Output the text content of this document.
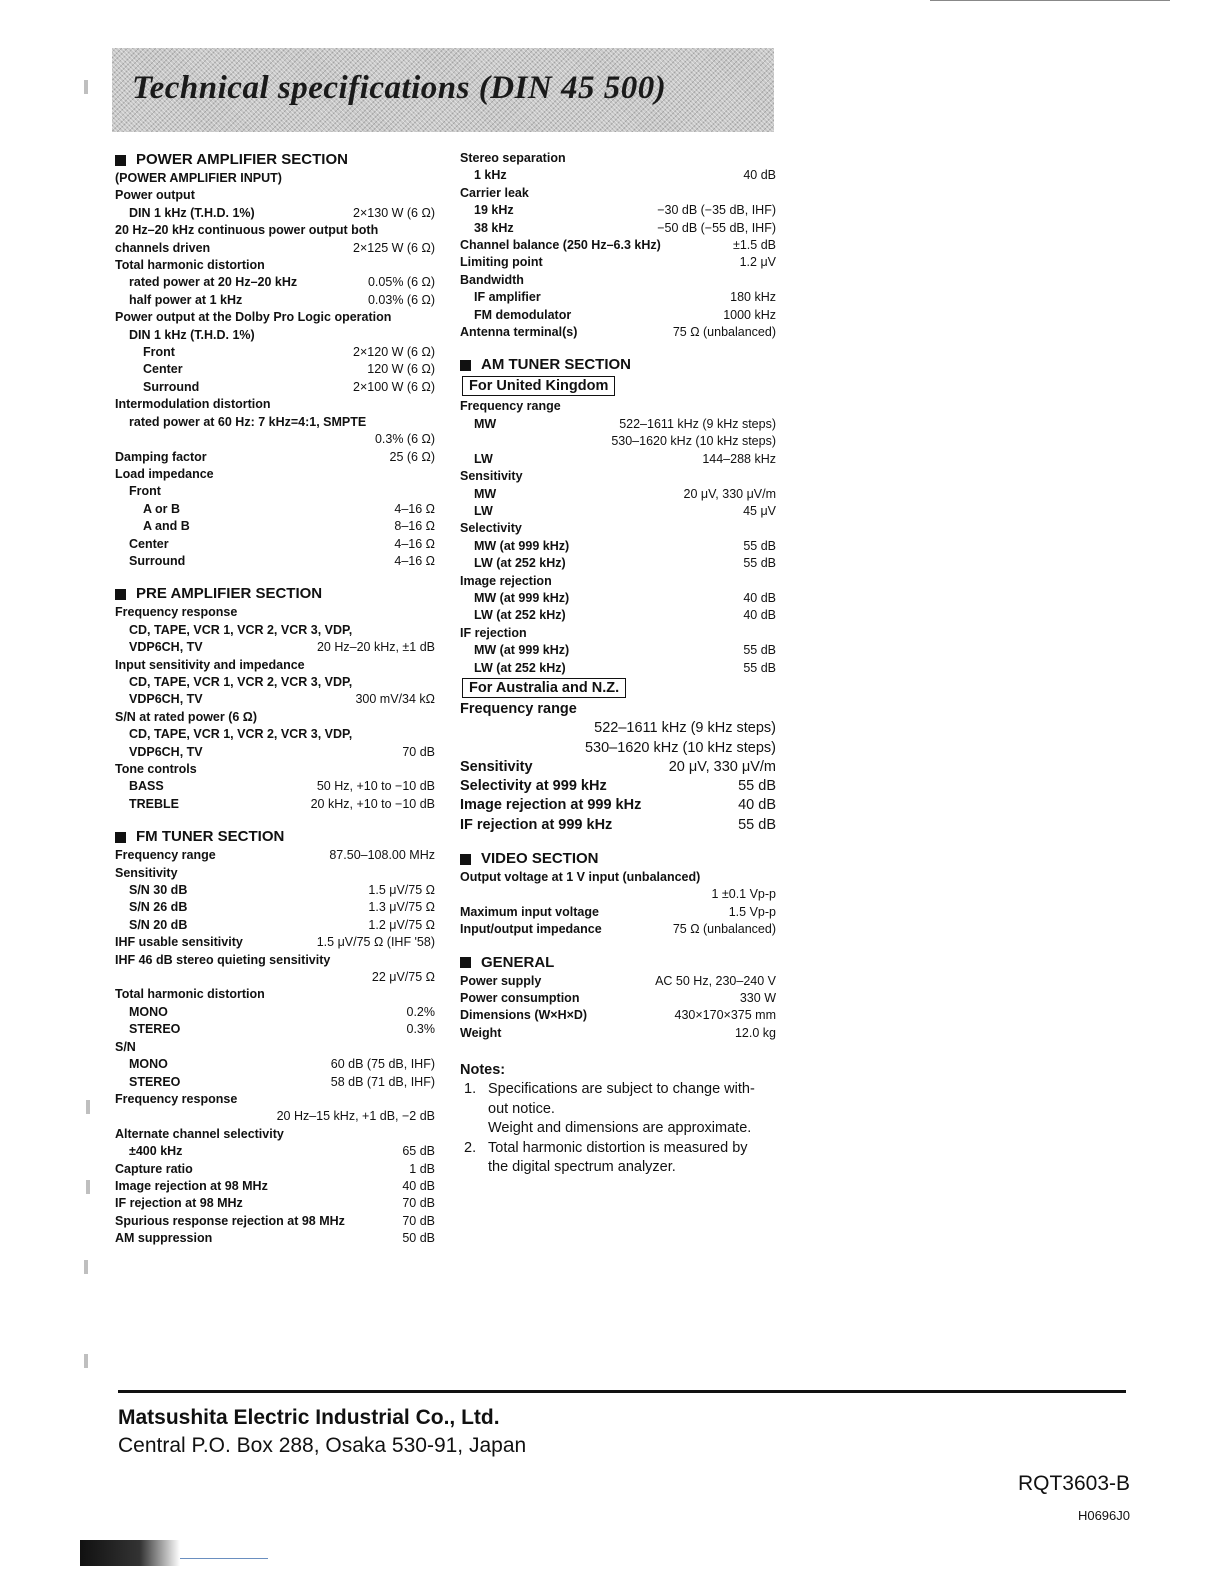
Technical specifications (DIN 45 500)
POWER AMPLIFIER SECTION
(POWER AMPLIFIER INPUT)
Power output
DIN 1 kHz (T.H.D. 1%)	2×130 W (6 Ω)
20 Hz–20 kHz continuous power output both
channels driven	2×125 W (6 Ω)
Total harmonic distortion
rated power at 20 Hz–20 kHz	0.05% (6 Ω)
half power at 1 kHz	0.03% (6 Ω)
Power output at the Dolby Pro Logic operation
DIN 1 kHz (T.H.D. 1%)
Front	2×120 W (6 Ω)
Center	120 W (6 Ω)
Surround	2×100 W (6 Ω)
Intermodulation distortion
rated power at 60 Hz: 7 kHz=4:1, SMPTE
0.3% (6 Ω)
Damping factor	25 (6 Ω)
Load impedance
Front
A or B	4–16 Ω
A and B	8–16 Ω
Center	4–16 Ω
Surround	4–16 Ω
PRE AMPLIFIER SECTION
Frequency response
CD, TAPE, VCR 1, VCR 2, VCR 3, VDP,
VDP6CH, TV	20 Hz–20 kHz, ±1 dB
Input sensitivity and impedance
CD, TAPE, VCR 1, VCR 2, VCR 3, VDP,
VDP6CH, TV	300 mV/34 kΩ
S/N at rated power (6 Ω)
CD, TAPE, VCR 1, VCR 2, VCR 3, VDP,
VDP6CH, TV	70 dB
Tone controls
BASS	50 Hz, +10 to −10 dB
TREBLE	20 kHz, +10 to −10 dB
FM TUNER SECTION
Frequency range	87.50–108.00 MHz
Sensitivity
S/N 30 dB	1.5 μV/75 Ω
S/N 26 dB	1.3 μV/75 Ω
S/N 20 dB	1.2 μV/75 Ω
IHF usable sensitivity	1.5 μV/75 Ω (IHF '58)
IHF 46 dB stereo quieting sensitivity
22 μV/75 Ω
Total harmonic distortion
MONO	0.2%
STEREO	0.3%
S/N
MONO	60 dB (75 dB, IHF)
STEREO	58 dB (71 dB, IHF)
Frequency response
20 Hz–15 kHz, +1 dB, −2 dB
Alternate channel selectivity
±400 kHz	65 dB
Capture ratio	1 dB
Image rejection at 98 MHz	40 dB
IF rejection at 98 MHz	70 dB
Spurious response rejection at 98 MHz	70 dB
AM suppression	50 dB
Stereo separation
1 kHz	40 dB
Carrier leak
19 kHz	−30 dB (−35 dB, IHF)
38 kHz	−50 dB (−55 dB, IHF)
Channel balance (250 Hz–6.3 kHz)	±1.5 dB
Limiting point	1.2 μV
Bandwidth
IF amplifier	180 kHz
FM demodulator	1000 kHz
Antenna terminal(s)	75 Ω (unbalanced)
AM TUNER SECTION
For United Kingdom
Frequency range
MW	522–1611 kHz (9 kHz steps)
530–1620 kHz (10 kHz steps)
LW	144–288 kHz
Sensitivity
MW	20 μV, 330 μV/m
LW	45 μV
Selectivity
MW (at 999 kHz)	55 dB
LW (at 252 kHz)	55 dB
Image rejection
MW (at 999 kHz)	40 dB
LW (at 252 kHz)	40 dB
IF rejection
MW (at 999 kHz)	55 dB
LW (at 252 kHz)	55 dB
For Australia and N.Z.
Frequency range
522–1611 kHz (9 kHz steps)
530–1620 kHz (10 kHz steps)
Sensitivity	20 μV, 330 μV/m
Selectivity at 999 kHz	55 dB
Image rejection at 999 kHz	40 dB
IF rejection at 999 kHz	55 dB
VIDEO SECTION
Output voltage at 1 V input (unbalanced)
1 ±0.1 Vp-p
Maximum input voltage	1.5 Vp-p
Input/output impedance	75 Ω (unbalanced)
GENERAL
Power supply	AC 50 Hz, 230–240 V
Power consumption	330 W
Dimensions (W×H×D)	430×170×375 mm
Weight	12.0 kg
Notes:
1. Specifications are subject to change with-
out notice.
Weight and dimensions are approximate.
2. Total harmonic distortion is measured by
the digital spectrum analyzer.
Matsushita Electric Industrial Co., Ltd.
Central P.O. Box 288, Osaka 530-91, Japan
RQT3603-B
H0696J0
